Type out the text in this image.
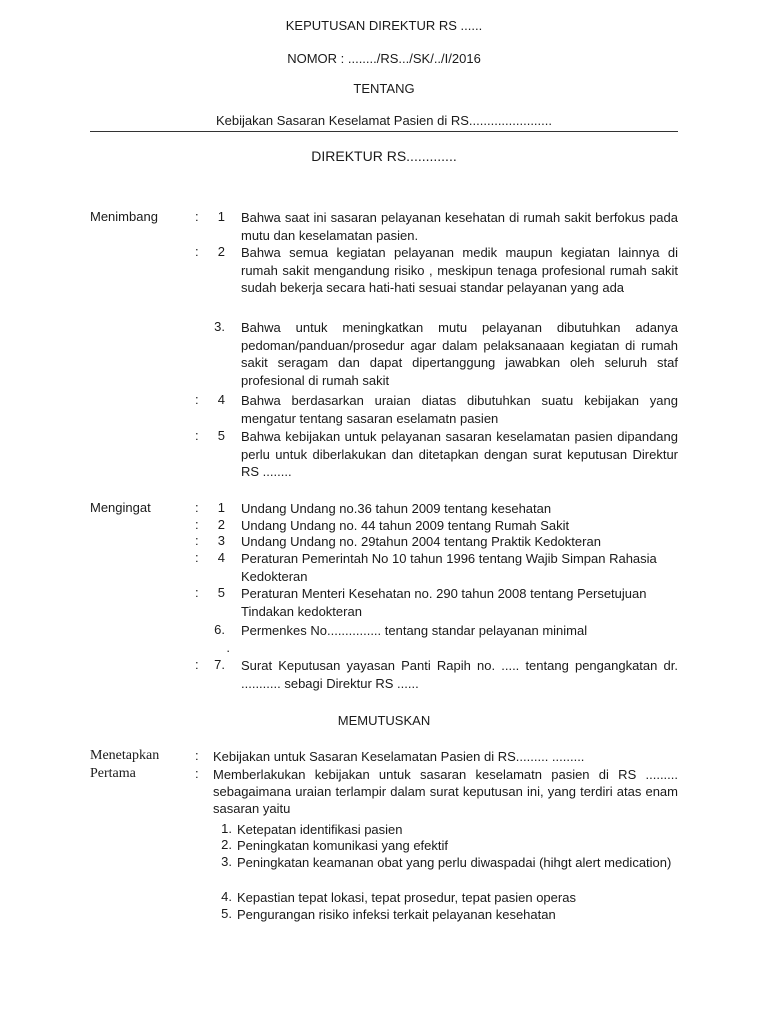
KEPUTUSAN DIREKTUR RS ......
NOMOR : ......../RS.../SK/../I/2016
TENTANG
Kebijakan Sasaran Keselamat Pasien di RS.......................
DIREKTUR RS.............
Menimbang	:	1 Bahwa saat ini sasaran pelayanan kesehatan di rumah sakit berfokus pada mutu dan keselamatan pasien.
:	2 Bahwa semua kegiatan pelayanan medik maupun kegiatan lainnya di rumah sakit mengandung risiko , meskipun tenaga profesional rumah sakit sudah bekerja secara hati-hati sesuai standar pelayanan yang ada
3. Bahwa untuk meningkatkan mutu pelayanan dibutuhkan adanya pedoman/panduan/prosedur agar dalam pelaksanaaan kegiatan di rumah sakit seragam dan dapat dipertanggung jawabkan oleh seluruh staf profesional di rumah sakit
:	4 Bahwa berdasarkan uraian diatas dibutuhkan suatu kebijakan yang mengatur tentang sasaran eselamatn pasien
:	5 Bahwa kebijakan untuk pelayanan sasaran keselamatan pasien dipandang perlu untuk diberlakukan dan ditetapkan dengan surat keputusan Direktur RS ........
Mengingat	:	1 Undang Undang no.36 tahun 2009 tentang kesehatan
:	2 Undang Undang no. 44 tahun 2009 tentang Rumah Sakit
:	3 Undang Undang no. 29tahun 2004 tentang Praktik Kedokteran
:	4 Peraturan Pemerintah No 10 tahun 1996 tentang Wajib Simpan Rahasia Kedokteran
:	5 Peraturan Menteri Kesehatan no. 290 tahun 2008 tentang Persetujuan Tindakan kedokteran
6. Permenkes No............... tentang standar pelayanan minimal
.
:	7. Surat Keputusan yayasan Panti Rapih no. ..... tentang pengangkatan dr. ........... sebagi Direktur RS ......
MEMUTUSKAN
Menetapkan	: Kebijakan untuk Sasaran Keselamatan Pasien di RS......... .........
Pertama	: Memberlakukan kebijakan untuk sasaran keselamatn pasien di RS ......... sebagaimana uraian terlampir dalam surat keputusan ini, yang terdiri atas enam sasaran yaitu
1. Ketepatan identifikasi pasien
2. Peningkatan komunikasi yang efektif
3. Peningkatan keamanan obat yang perlu diwaspadai (hihgt alert medication)
4. Kepastian tepat lokasi, tepat prosedur, tepat pasien operas
5. Pengurangan risiko infeksi terkait pelayanan kesehatan
